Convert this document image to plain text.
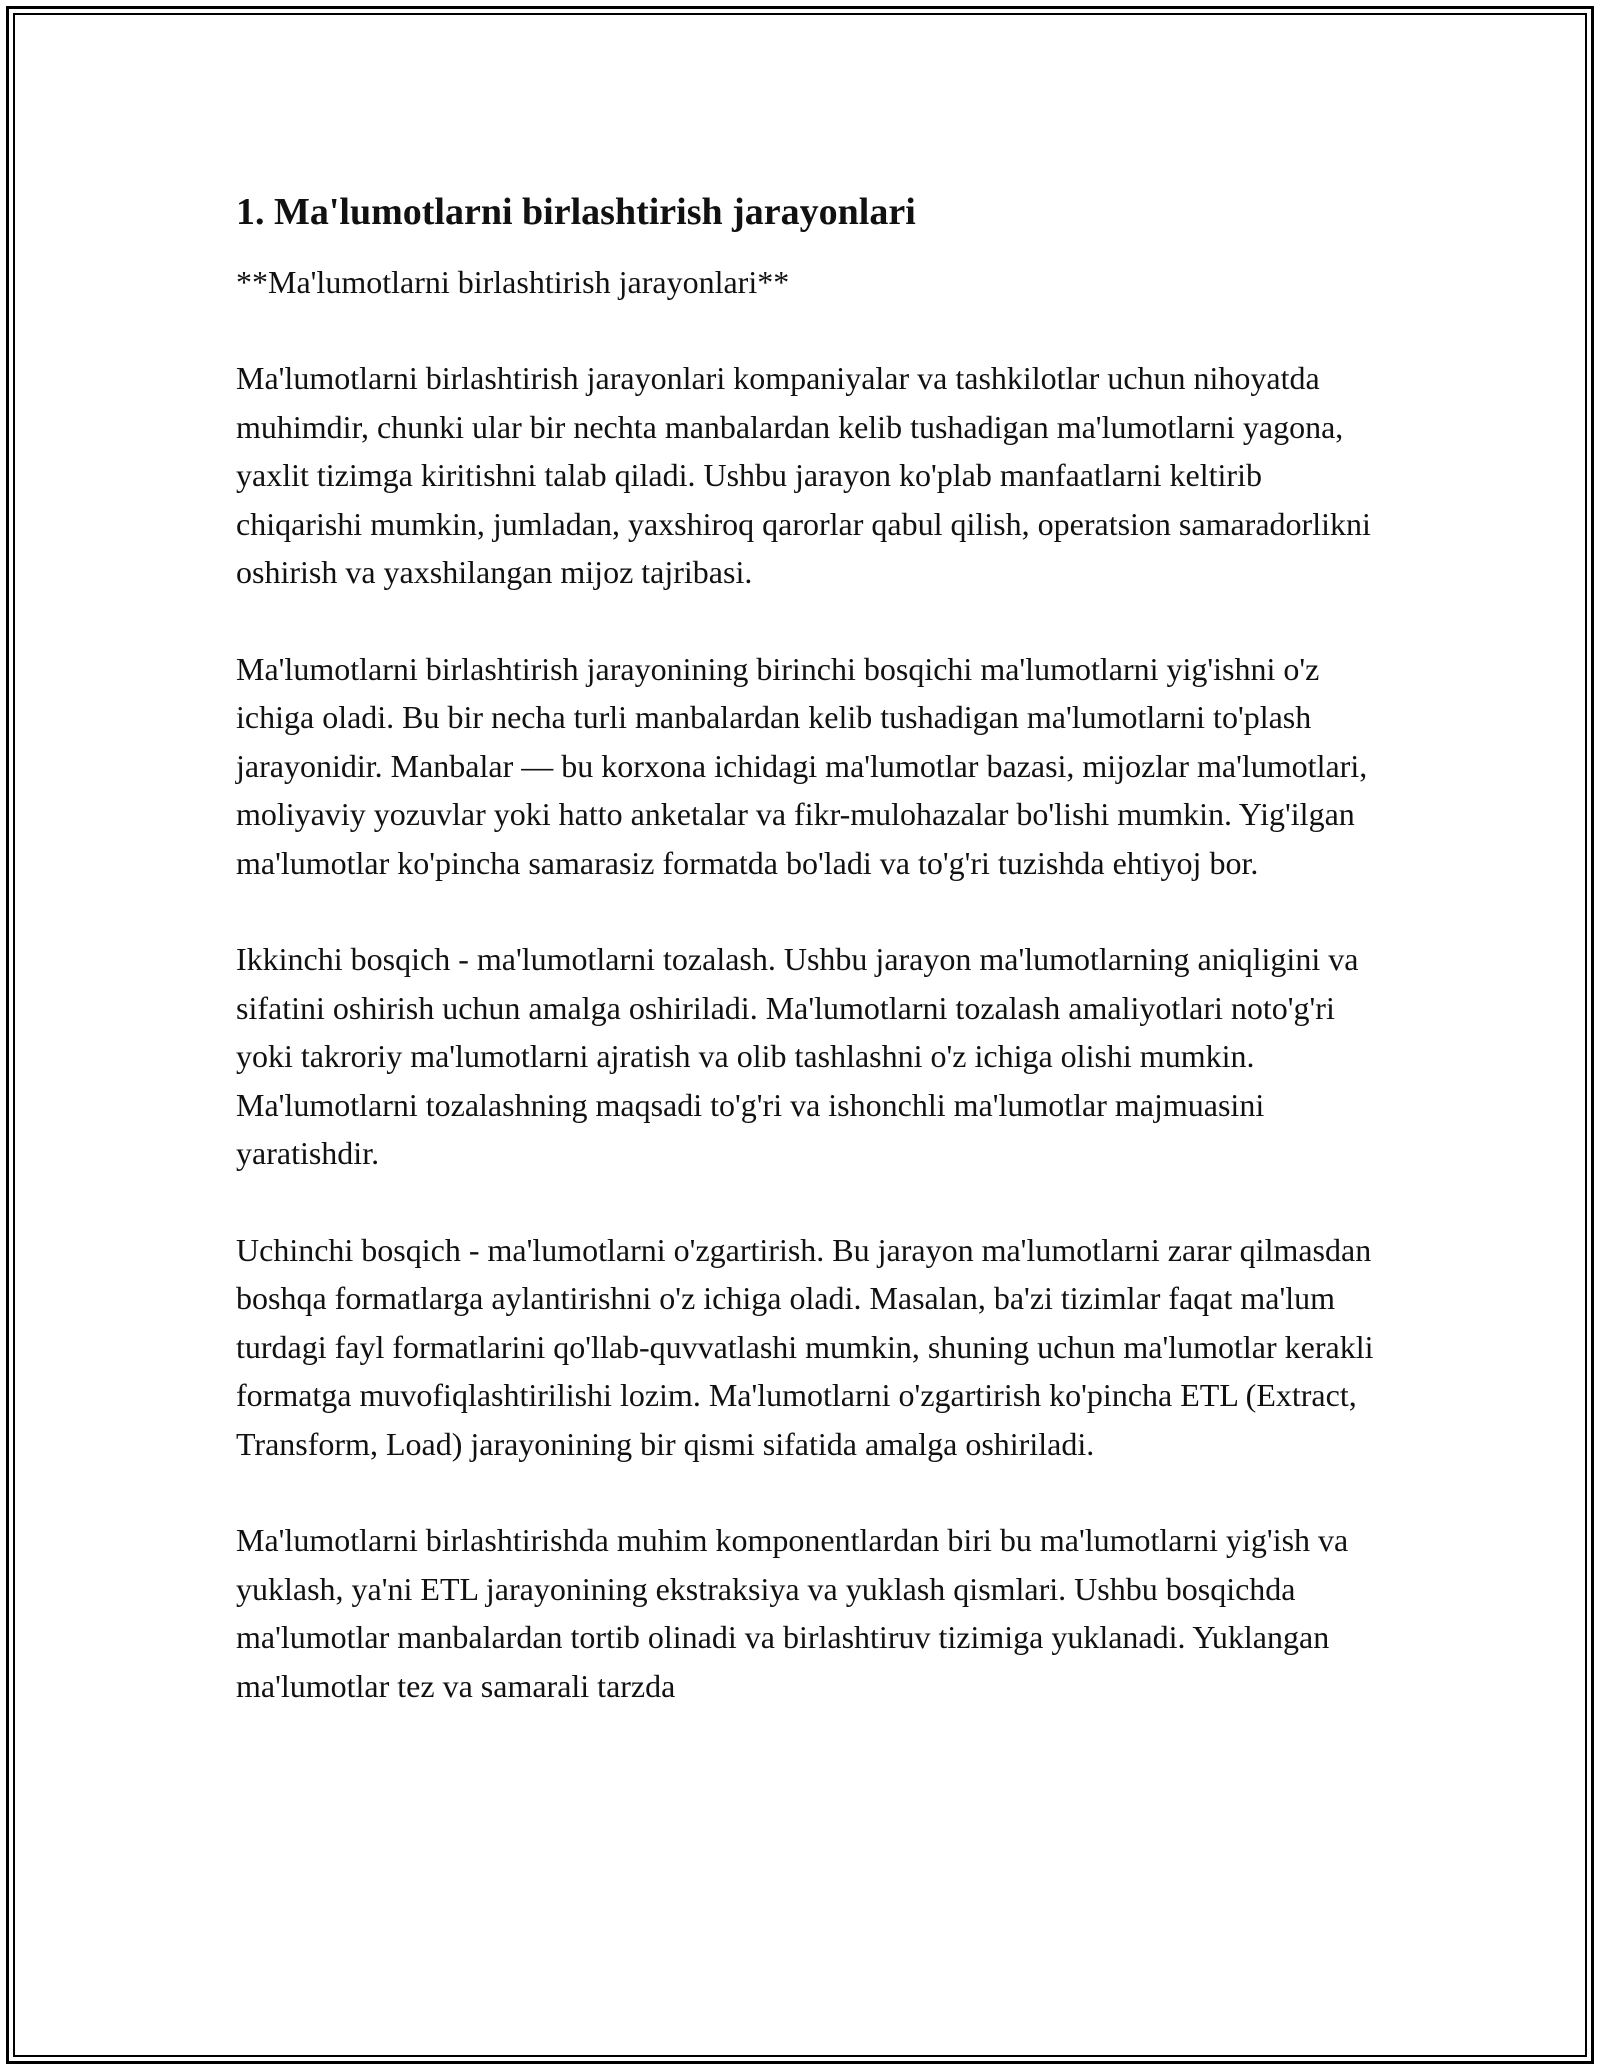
1. Ma'lumotlarni birlashtirish jarayonlari

**Ma'lumotlarni birlashtirish jarayonlari**

Ma'lumotlarni birlashtirish jarayonlari kompaniyalar va tashkilotlar uchun nihoyatda muhimdir, chunki ular bir nechta manbalardan kelib tushadigan ma'lumotlarni yagona, yaxlit tizimga kiritishni talab qiladi. Ushbu jarayon ko'plab manfaatlarni keltirib chiqarishi mumkin, jumladan, yaxshiroq qarorlar qabul qilish, operatsion samaradorlikni oshirish va yaxshilangan mijoz tajribasi.

Ma'lumotlarni birlashtirish jarayonining birinchi bosqichi ma'lumotlarni yig'ishni o'z ichiga oladi. Bu bir necha turli manbalardan kelib tushadigan ma'lumotlarni to'plash jarayonidir. Manbalar — bu korxona ichidagi ma'lumotlar bazasi, mijozlar ma'lumotlari, moliyaviy yozuvlar yoki hatto anketalar va fikr-mulohazalar bo'lishi mumkin. Yig'ilgan ma'lumotlar ko'pincha samarasiz formatda bo'ladi va to'g'ri tuzishda ehtiyoj bor.

Ikkinchi bosqich - ma'lumotlarni tozalash. Ushbu jarayon ma'lumotlarning aniqligini va sifatini oshirish uchun amalga oshiriladi. Ma'lumotlarni tozalash amaliyotlari noto'g'ri yoki takroriy ma'lumotlarni ajratish va olib tashlashni o'z ichiga olishi mumkin. Ma'lumotlarni tozalashning maqsadi to'g'ri va ishonchli ma'lumotlar majmuasini yaratishdir.

Uchinchi bosqich - ma'lumotlarni o'zgartirish. Bu jarayon ma'lumotlarni zarar qilmasdan boshqa formatlarga aylantirishni o'z ichiga oladi. Masalan, ba'zi tizimlar faqat ma'lum turdagi fayl formatlarini qo'llab-quvvatlashi mumkin, shuning uchun ma'lumotlar kerakli formatga muvofiqlashtirilishi lozim. Ma'lumotlarni o'zgartirish ko'pincha ETL (Extract, Transform, Load) jarayonining bir qismi sifatida amalga oshiriladi.

Ma'lumotlarni birlashtirishda muhim komponentlardan biri bu ma'lumotlarni yig'ish va yuklash, ya'ni ETL jarayonining ekstraksiya va yuklash qismlari. Ushbu bosqichda ma'lumotlar manbalardan tortib olinadi va birlashtiruv tizimiga yuklanadi. Yuklangan ma'lumotlar tez va samarali tarzda
